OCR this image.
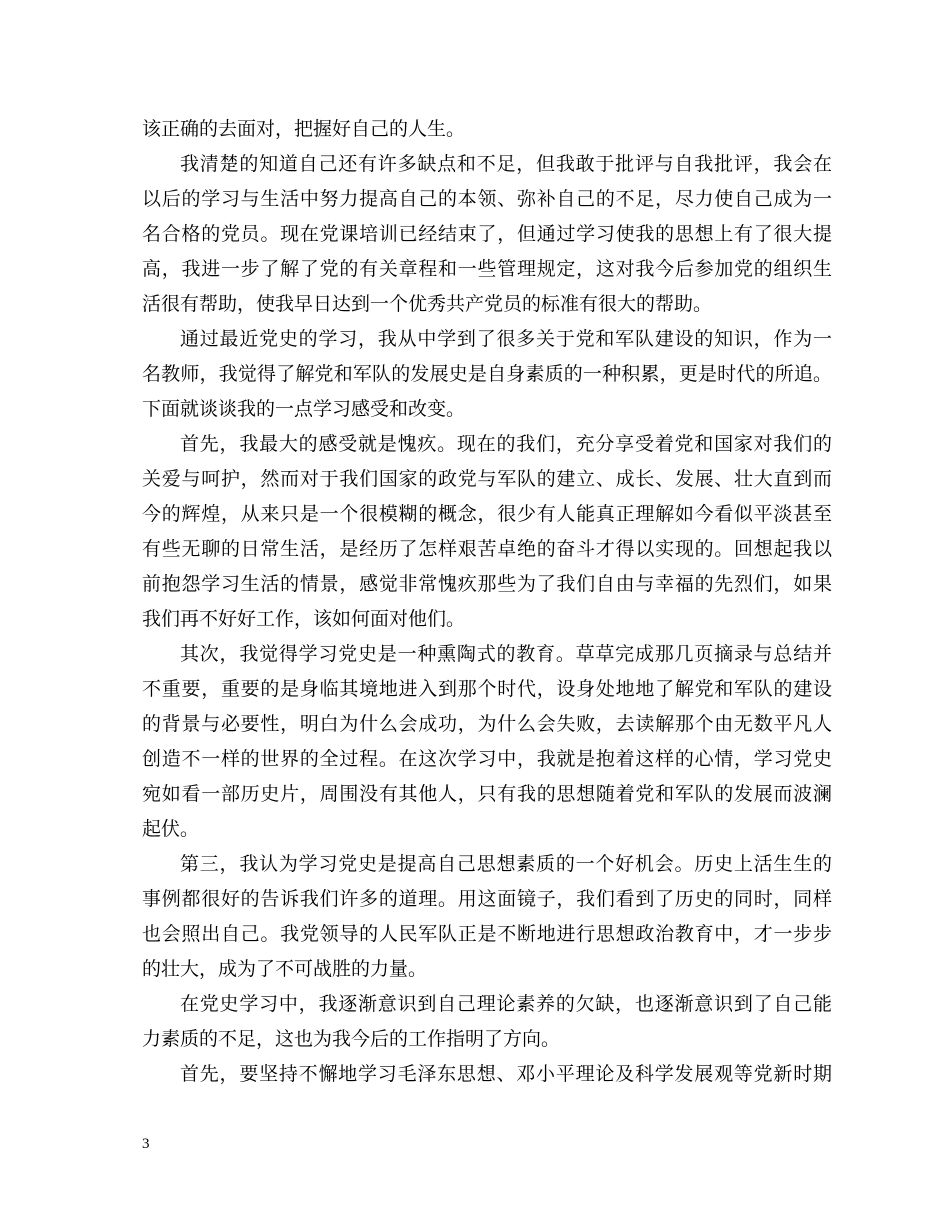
该正确的去面对，把握好自己的人生。
我清楚的知道自己还有许多缺点和不足，但我敢于批评与自我批评，我会在
以后的学习与生活中努力提高自己的本领、弥补自己的不足，尽力使自己成为一
名合格的党员。现在党课培训已经结束了，但通过学习使我的思想上有了很大提
高，我进一步了解了党的有关章程和一些管理规定，这对我今后参加党的组织生
活很有帮助，使我早日达到一个优秀共产党员的标准有很大的帮助。
通过最近党史的学习，我从中学到了很多关于党和军队建设的知识，作为一
名教师，我觉得了解党和军队的发展史是自身素质的一种积累，更是时代的所追。
下面就谈谈我的一点学习感受和改变。
首先，我最大的感受就是愧疚。现在的我们，充分享受着党和国家对我们的
关爱与呵护，然而对于我们国家的政党与军队的建立、成长、发展、壮大直到而
今的辉煌，从来只是一个很模糊的概念，很少有人能真正理解如今看似平淡甚至
有些无聊的日常生活，是经历了怎样艰苦卓绝的奋斗才得以实现的。回想起我以
前抱怨学习生活的情景，感觉非常愧疚那些为了我们自由与幸福的先烈们，如果
我们再不好好工作，该如何面对他们。
其次，我觉得学习党史是一种熏陶式的教育。草草完成那几页摘录与总结并
不重要，重要的是身临其境地进入到那个时代，设身处地地了解党和军队的建设
的背景与必要性，明白为什么会成功，为什么会失败，去读解那个由无数平凡人
创造不一样的世界的全过程。在这次学习中，我就是抱着这样的心情，学习党史
宛如看一部历史片，周围没有其他人，只有我的思想随着党和军队的发展而波澜
起伏。
第三，我认为学习党史是提高自己思想素质的一个好机会。历史上活生生的
事例都很好的告诉我们许多的道理。用这面镜子，我们看到了历史的同时，同样
也会照出自己。我党领导的人民军队正是不断地进行思想政治教育中，才一步步
的壮大，成为了不可战胜的力量。
在党史学习中，我逐渐意识到自己理论素养的欠缺，也逐渐意识到了自己能
力素质的不足，这也为我今后的工作指明了方向。
首先，要坚持不懈地学习毛泽东思想、邓小平理论及科学发展观等党新时期
3
